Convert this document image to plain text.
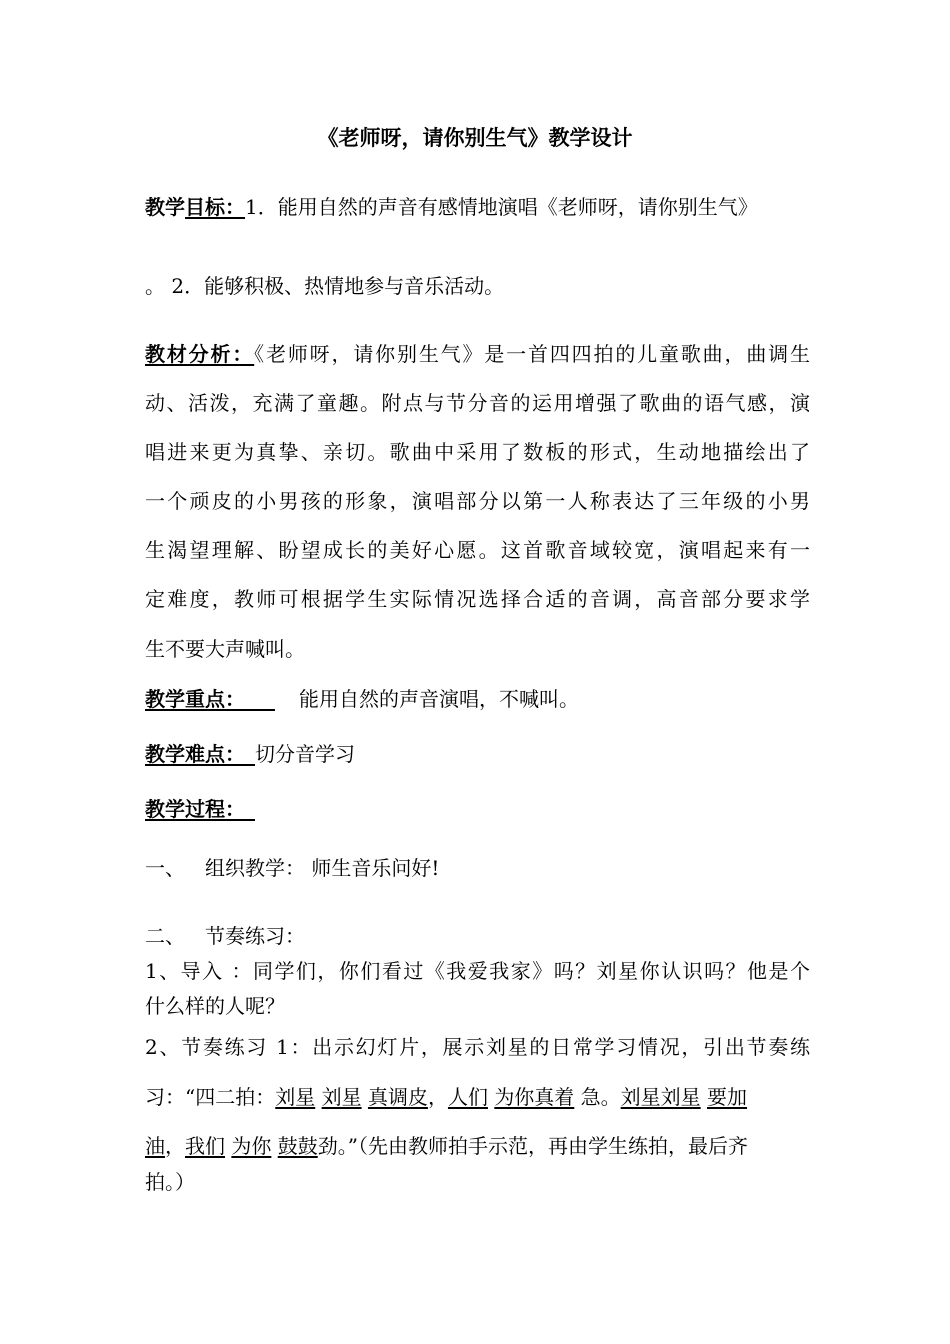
《老师呀，请你别生气》教学设计
教学目标：1．能用自然的声音有感情地演唱《老师呀，请你别生气》
。 2．能够积极、热情地参与音乐活动。
教材分析：《老师呀，请你别生气》是一首四四拍的儿童歌曲，曲调生
动、活泼，充满了童趣。附点与节分音的运用增强了歌曲的语气感，演
唱进来更为真挚、亲切。歌曲中采用了数板的形式，生动地描绘出了
一个顽皮的小男孩的形象，演唱部分以第一人称表达了三年级的小男
生渴望理解、盼望成长的美好心愿。这首歌音域较宽，演唱起来有一
定难度，教师可根据学生实际情况选择合适的音调，高音部分要求学
生不要大声喊叫。
教学重点：  	能用自然的声音演唱，不喊叫。
教学难点：  切分音学习
教学过程： 
一、 组织教学： 师生音乐问好!
二、 节奏练习：
1、导入 ：同学们，你们看过《我爱我家》吗？刘星你认识吗？他是个
什么样的人呢？
2、节奏练习 1：出示幻灯片，展示刘星的日常学习情况，引出节奏练
习：“四二拍：刘星 刘星 真调皮，人们 为你真着 急。刘星刘星 要加
油，我们 为你 鼓鼓劲。”（先由教师拍手示范，再由学生练拍，最后齐
拍。）
